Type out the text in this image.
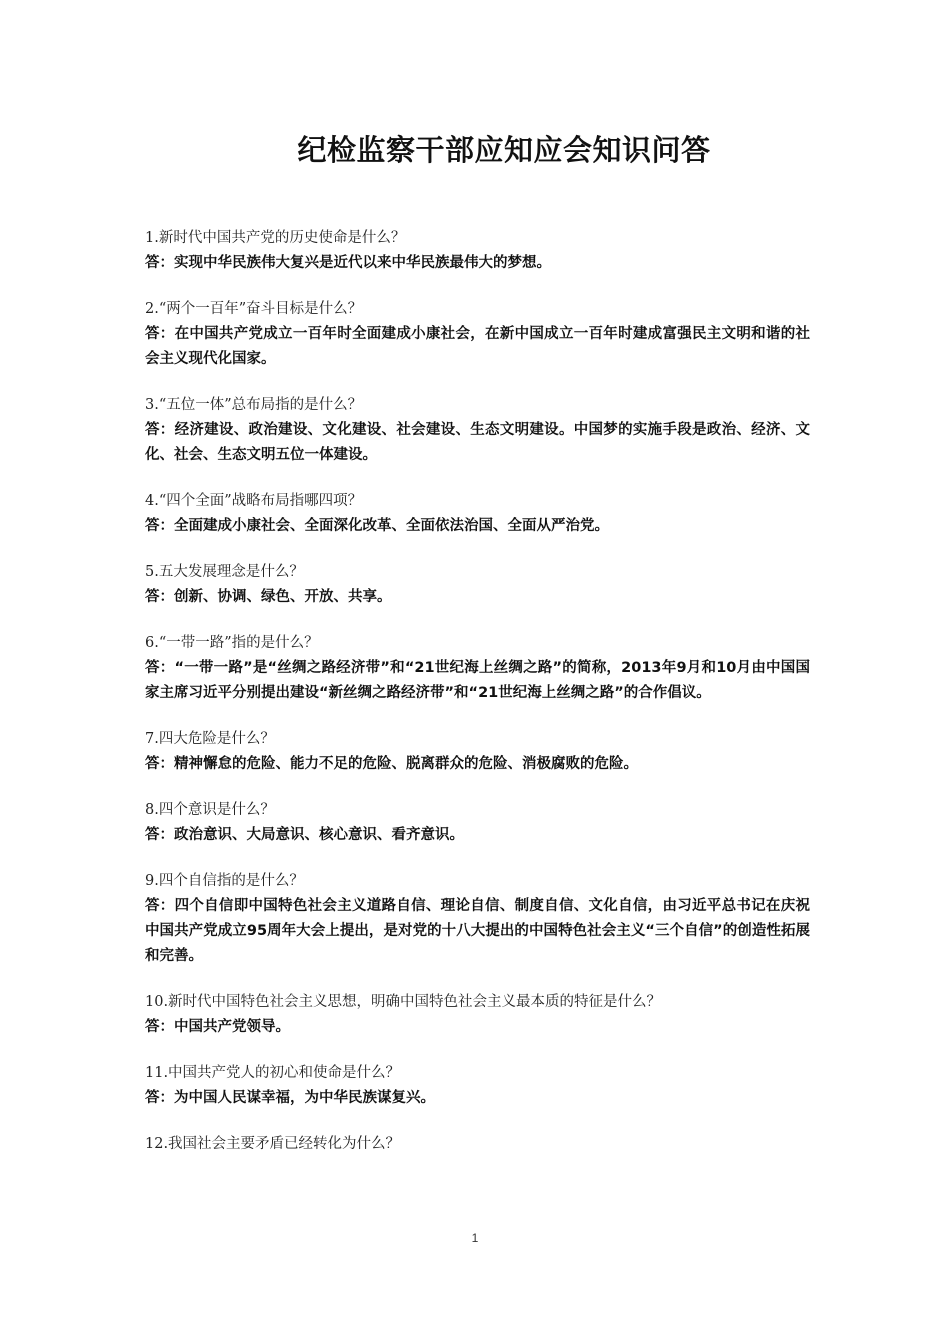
纪检监察干部应知应会知识问答

1.新时代中国共产党的历史使命是什么？

答：实现中华民族伟大复兴是近代以来中华民族最伟大的梦想。

2.“两个一百年”奋斗目标是什么？

答：在中国共产党成立一百年时全面建成小康社会，在新中国成立一百年时建成富强民主文明和谐的社会主义现代化国家。

3.“五位一体”总布局指的是什么？

答：经济建设、政治建设、文化建设、社会建设、生态文明建设。中国梦的实施手段是政治、经济、文化、社会、生态文明五位一体建设。

4.“四个全面”战略布局指哪四项？

答：全面建成小康社会、全面深化改革、全面依法治国、全面从严治党。

5.五大发展理念是什么？

答：创新、协调、绿色、开放、共享。

6.“一带一路”指的是什么？

答：“一带一路”是“丝绸之路经济带”和“21世纪海上丝绸之路”的简称，2013年9月和10月由中国国家主席习近平分别提出建设“新丝绸之路经济带”和“21世纪海上丝绸之路”的合作倡议。

7.四大危险是什么？

答：精神懈怠的危险、能力不足的危险、脱离群众的危险、消极腐败的危险。

8.四个意识是什么？

答：政治意识、大局意识、核心意识、看齐意识。

9.四个自信指的是什么？

答：四个自信即中国特色社会主义道路自信、理论自信、制度自信、文化自信，由习近平总书记在庆祝中国共产党成立95周年大会上提出，是对党的十八大提出的中国特色社会主义“三个自信”的创造性拓展和完善。

10.新时代中国特色社会主义思想，明确中国特色社会主义最本质的特征是什么？

答：中国共产党领导。

11.中国共产党人的初心和使命是什么？

答：为中国人民谋幸福，为中华民族谋复兴。

12.我国社会主要矛盾已经转化为什么？

1
